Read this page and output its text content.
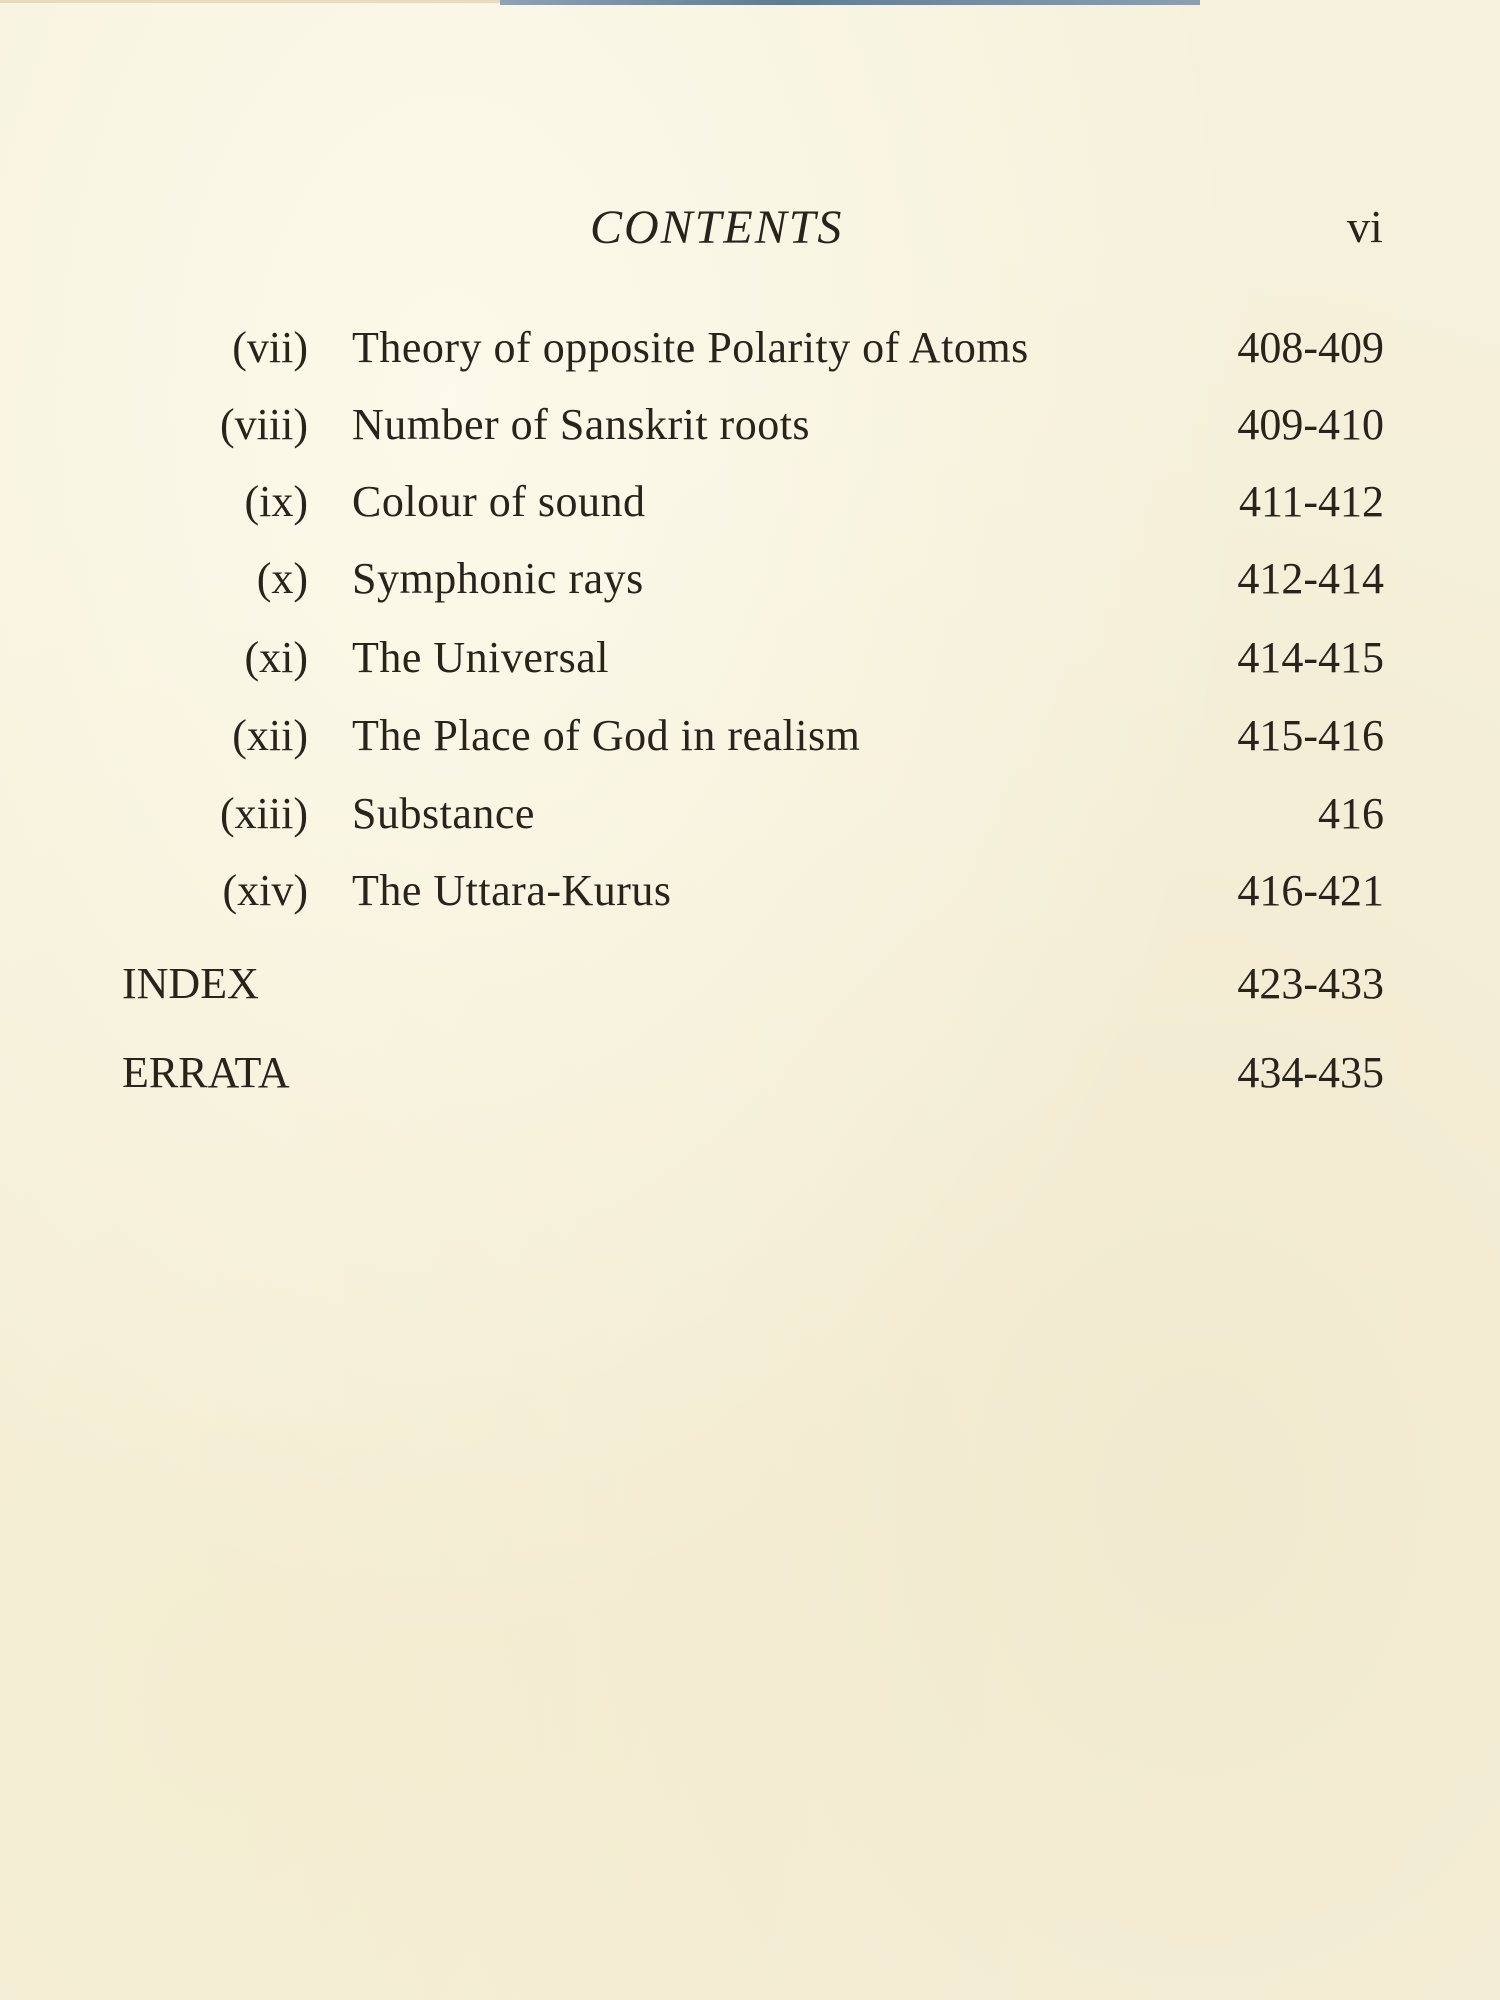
CONTENTS	vi
(vii) Theory of opposite Polarity of Atoms	408-409
(viii) Number of Sanskrit roots	409-410
(ix) Colour of sound	411-412
(x) Symphonic rays	412-414
(xi) The Universal	414-415
(xii) The Place of God in realism	415-416
(xiii) Substance	416
(xiv) The Uttara-Kurus	416-421
INDEX	423-433
ERRATA	434-435
